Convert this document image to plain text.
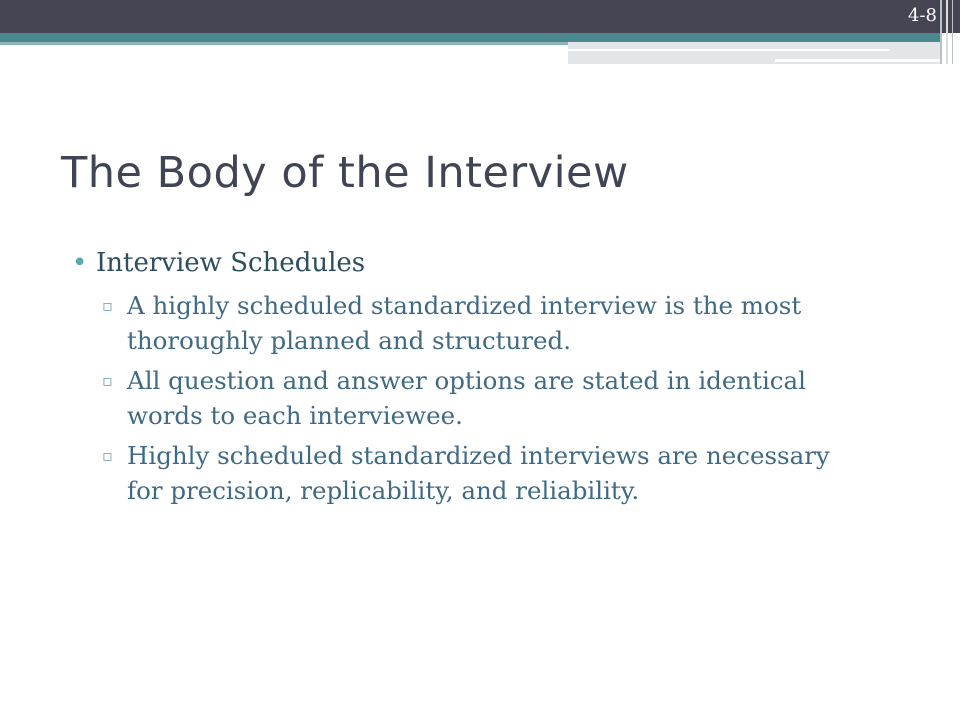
4-8
The Body of the Interview
• Interview Schedules
▫ A highly scheduled standardized interview is the most thoroughly planned and structured.
▫ All question and answer options are stated in identical words to each interviewee.
▫ Highly scheduled standardized interviews are necessary for precision, replicability, and reliability.
